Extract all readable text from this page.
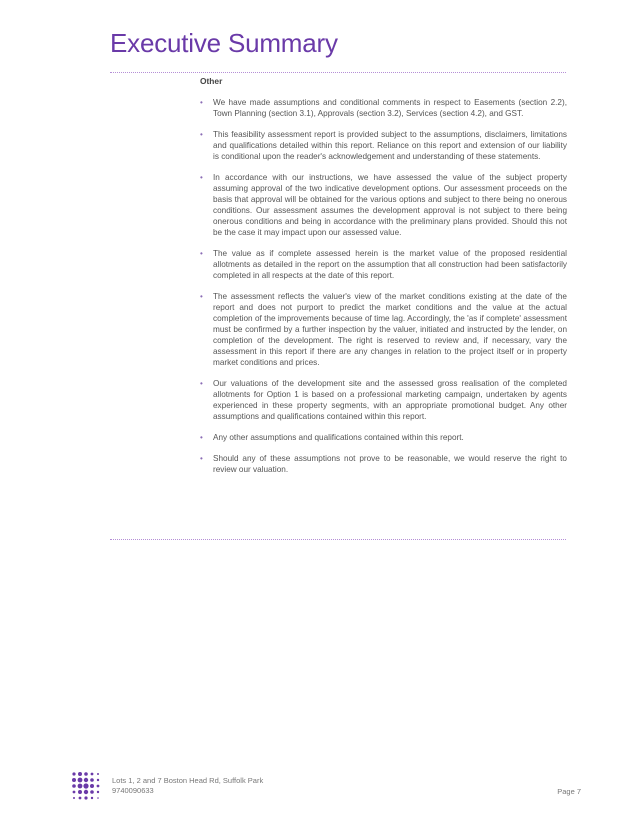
Executive Summary

Other

• We have made assumptions and conditional comments in respect to Easements (section 2.2), Town Planning (section 3.1), Approvals (section 3.2), Services (section 4.2), and GST.
• This feasibility assessment report is provided subject to the assumptions, disclaimers, limitations and qualifications detailed within this report. Reliance on this report and extension of our liability is conditional upon the reader's acknowledgement and understanding of these statements.
• In accordance with our instructions, we have assessed the value of the subject property assuming approval of the two indicative development options. Our assessment proceeds on the basis that approval will be obtained for the various options and subject to there being no onerous conditions. Our assessment assumes the development approval is not subject to there being onerous conditions and being in accordance with the preliminary plans provided. Should this not be the case it may impact upon our assessed value.
• The value as if complete assessed herein is the market value of the proposed residential allotments as detailed in the report on the assumption that all construction had been satisfactorily completed in all respects at the date of this report.
• The assessment reflects the valuer's view of the market conditions existing at the date of the report and does not purport to predict the market conditions and the value at the actual completion of the improvements because of time lag. Accordingly, the 'as if complete' assessment must be confirmed by a further inspection by the valuer, initiated and instructed by the lender, on completion of the development. The right is reserved to review and, if necessary, vary the assessment in this report if there are any changes in relation to the project itself or in property market conditions and prices.
• Our valuations of the development site and the assessed gross realisation of the completed allotments for Option 1 is based on a professional marketing campaign, undertaken by agents experienced in these property segments, with an appropriate promotional budget. Any other assumptions and qualifications contained within this report.
• Any other assumptions and qualifications contained within this report.
• Should any of these assumptions not prove to be reasonable, we would reserve the right to review our valuation.
Lots 1, 2 and 7 Boston Head Rd, Suffolk Park
9740090633	Page 7
